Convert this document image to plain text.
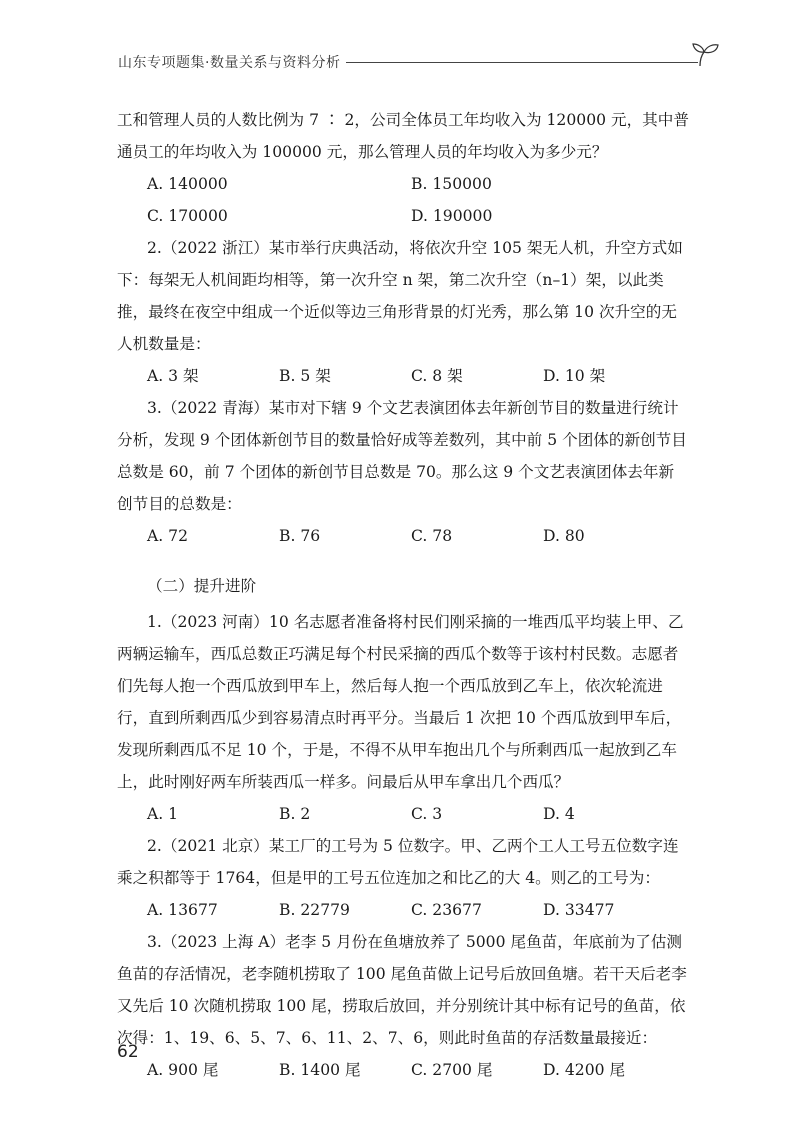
山东专项题集·数量关系与资料分析

工和管理人员的人数比例为 7 ∶ 2，公司全体员工年均收入为 120000 元，其中普通员工的年均收入为 100000 元，那么管理人员的年均收入为多少元？

A. 140000	B. 150000
C. 170000	D. 190000

2.（2022 浙江）某市举行庆典活动，将依次升空 105 架无人机，升空方式如下：每架无人机间距均相等，第一次升空 n 架，第二次升空（n–1）架，以此类推，最终在夜空中组成一个近似等边三角形背景的灯光秀，那么第 10 次升空的无人机数量是：

A. 3 架	B. 5 架	C. 8 架	D. 10 架

3.（2022 青海）某市对下辖 9 个文艺表演团体去年新创节目的数量进行统计分析，发现 9 个团体新创节目的数量恰好成等差数列，其中前 5 个团体的新创节目总数是 60，前 7 个团体的新创节目总数是 70。那么这 9 个文艺表演团体去年新创节目的总数是：

A. 72	B. 76	C. 78	D. 80
（二）提升进阶

1.（2023 河南）10 名志愿者准备将村民们刚采摘的一堆西瓜平均装上甲、乙两辆运输车，西瓜总数正巧满足每个村民采摘的西瓜个数等于该村村民数。志愿者们先每人抱一个西瓜放到甲车上，然后每人抱一个西瓜放到乙车上，依次轮流进行，直到所剩西瓜少到容易清点时再平分。当最后 1 次把 10 个西瓜放到甲车后，发现所剩西瓜不足 10 个，于是，不得不从甲车抱出几个与所剩西瓜一起放到乙车上，此时刚好两车所装西瓜一样多。问最后从甲车拿出几个西瓜？

A. 1	B. 2	C. 3	D. 4

2.（2021 北京）某工厂的工号为 5 位数字。甲、乙两个工人工号五位数字连乘之积都等于 1764，但是甲的工号五位连加之和比乙的大 4。则乙的工号为：

A. 13677	B. 22779	C. 23677	D. 33477

3.（2023 上海 A）老李 5 月份在鱼塘放养了 5000 尾鱼苗，年底前为了估测鱼苗的存活情况，老李随机捞取了 100 尾鱼苗做上记号后放回鱼塘。若干天后老李又先后 10 次随机捞取 100 尾，捞取后放回，并分别统计其中标有记号的鱼苗，依次得：1、19、6、5、7、6、11、2、7、6，则此时鱼苗的存活数量最接近：

A. 900 尾	B. 1400 尾	C. 2700 尾	D. 4200 尾
62
